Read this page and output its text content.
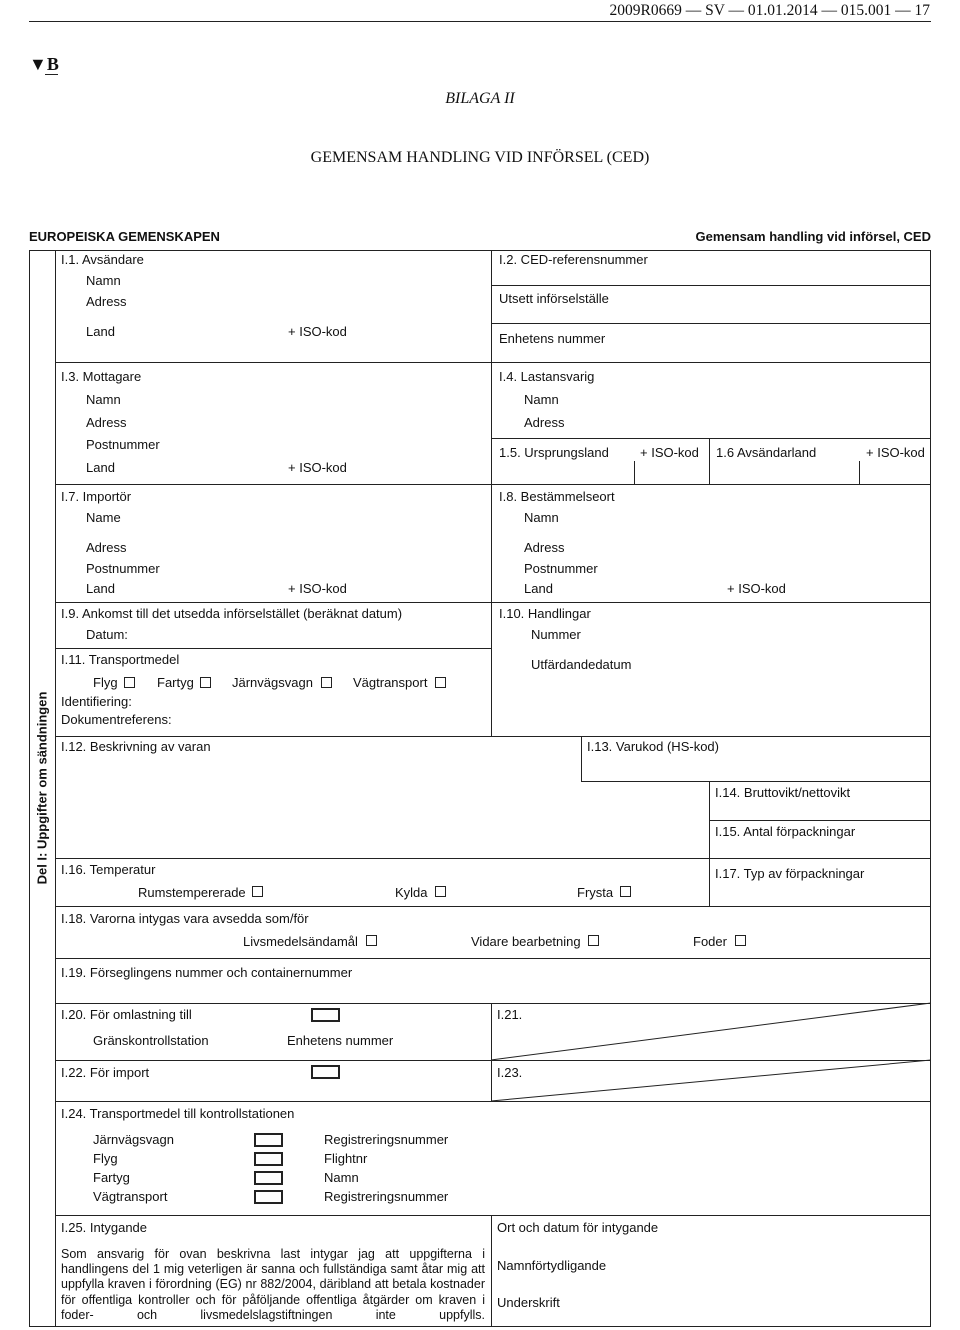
2009R0669 — SV — 01.01.2014 — 015.001 — 17
▼B
BILAGA II
GEMENSAM HANDLING VID INFÖRSEL (CED)
EUROPEISKA GEMENSKAPEN	Gemensam handling vid införsel, CED
Del I: Uppgifter om sändningen
I.1. Avsändare
Namn
Adress
Land	+ ISO-kod
I.2. CED-referensnummer
Utsett införselställe
Enhetens nummer
I.3. Mottagare
Namn
Adress
Postnummer
Land	+ ISO-kod
I.4. Lastansvarig
Namn
Adress
1.5. Ursprungsland + ISO-kod 1.6 Avsändarland	+ ISO-kod
I.7. Importör
Name
Adress
Postnummer
Land	+ ISO-kod
I.8. Bestämmelseort
Namn
Adress
Postnummer
Land	+ ISO-kod
I.9. Ankomst till det utsedda införselstället (beräknat datum)
Datum:
I.10. Handlingar
Nummer
Utfärdandedatum
I.11. Transportmedel
Flyg	Fartyg	Järnvägsvagn	Vägtransport
Identifiering:
Dokumentreferens:
I.12. Beskrivning av varan	I.13. Varukod (HS-kod)
I.14. Bruttovikt/nettovikt
I.15. Antal förpackningar
I.16. Temperatur
Rumstempererade	Kylda	Frysta
I.17. Typ av förpackningar
I.18. Varorna intygas vara avsedda som/för
Livsmedelsändamål	Vidare bearbetning	Foder
I.19. Förseglingens nummer och containernummer
I.20. För omlastning till
Gränskontrollstation	Enhetens nummer
I.21.
I.22. För import	I.23.
I.24. Transportmedel till kontrollstationen
Järnvägsvagn	Registreringsnummer
Flyg	Flightnr
Fartyg	Namn
Vägtransport	Registreringsnummer
I.25. Intygande
Som ansvarig för ovan beskrivna last intygar jag att uppgifterna i handlingens del 1 mig veterligen är sanna och fullständiga samt åtar mig att uppfylla kraven i förordning (EG) nr 882/2004, däribland att betala kostnader för offentliga kontroller och för påföljande offentliga åtgärder om kraven i foder- och livsmedelslagstiftningen inte uppfylls.
Ort och datum för intygande
Namnförtydligande
Underskrift
